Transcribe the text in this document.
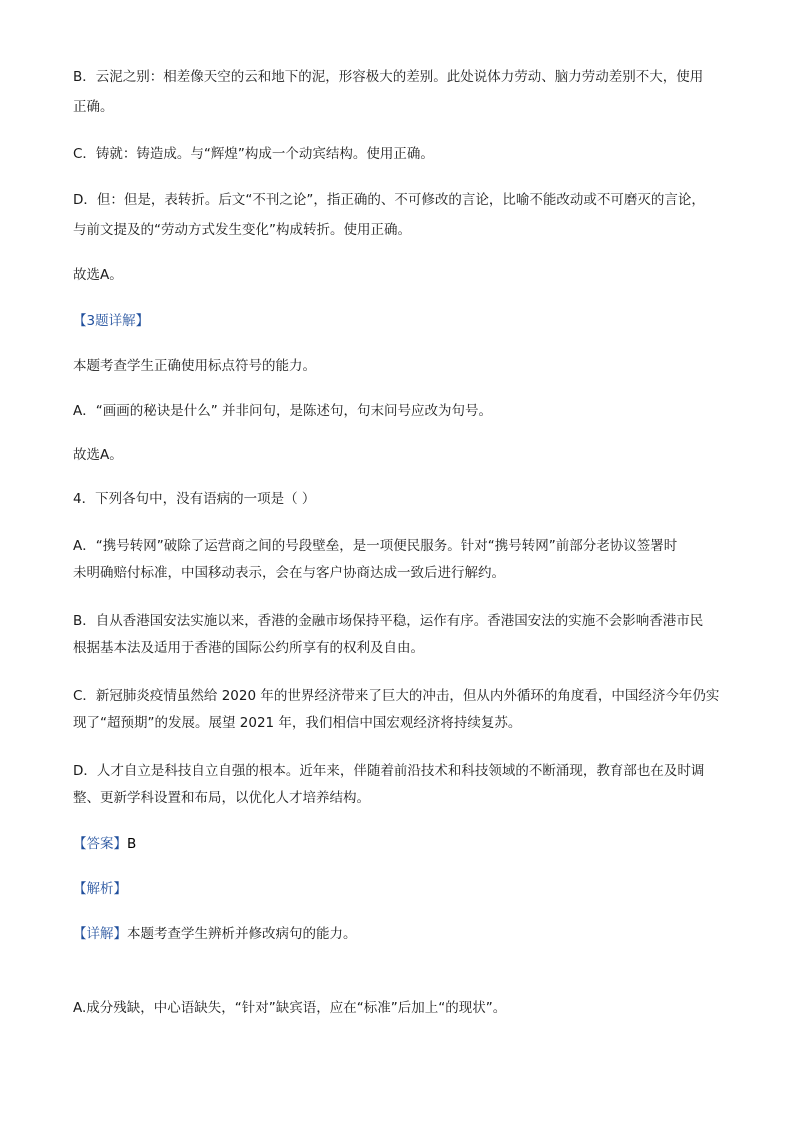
B．云泥之别：相差像天空的云和地下的泥，形容极大的差别。此处说体力劳动、脑力劳动差别不大，使用
正确。
C．铸就：铸造成。与“辉煌”构成一个动宾结构。使用正确。
D．但：但是，表转折。后文“不刊之论”，指正确的、不可修改的言论，比喻不能改动或不可磨灭的言论，
与前文提及的“劳动方式发生变化”构成转折。使用正确。
故选A。
【3题详解】
本题考查学生正确使用标点符号的能力。
A．“画画的秘诀是什么” 并非问句，是陈述句，句末问号应改为句号。
故选A。
4．下列各句中，没有语病的一项是（ ）
A．“携号转网”破除了运营商之间的号段壁垒，是一项便民服务。针对“携号转网”前部分老协议签署时
未明确赔付标准，中国移动表示，会在与客户协商达成一致后进行解约。
B．自从香港国安法实施以来，香港的金融市场保持平稳，运作有序。香港国安法的实施不会影响香港市民
根据基本法及适用于香港的国际公约所享有的权利及自由。
C．新冠肺炎疫情虽然给 2020 年的世界经济带来了巨大的冲击，但从内外循环的角度看，中国经济今年仍实
现了“超预期”的发展。展望 2021 年，我们相信中国宏观经济将持续复苏。
D．人才自立是科技自立自强的根本。近年来，伴随着前沿技术和科技领域的不断涌现，教育部也在及时调
整、更新学科设置和布局，以优化人才培养结构。
【答案】B
【解析】
【详解】本题考查学生辨析并修改病句的能力。
A.成分残缺，中心语缺失，“针对”缺宾语，应在“标准”后加上“的现状”。
